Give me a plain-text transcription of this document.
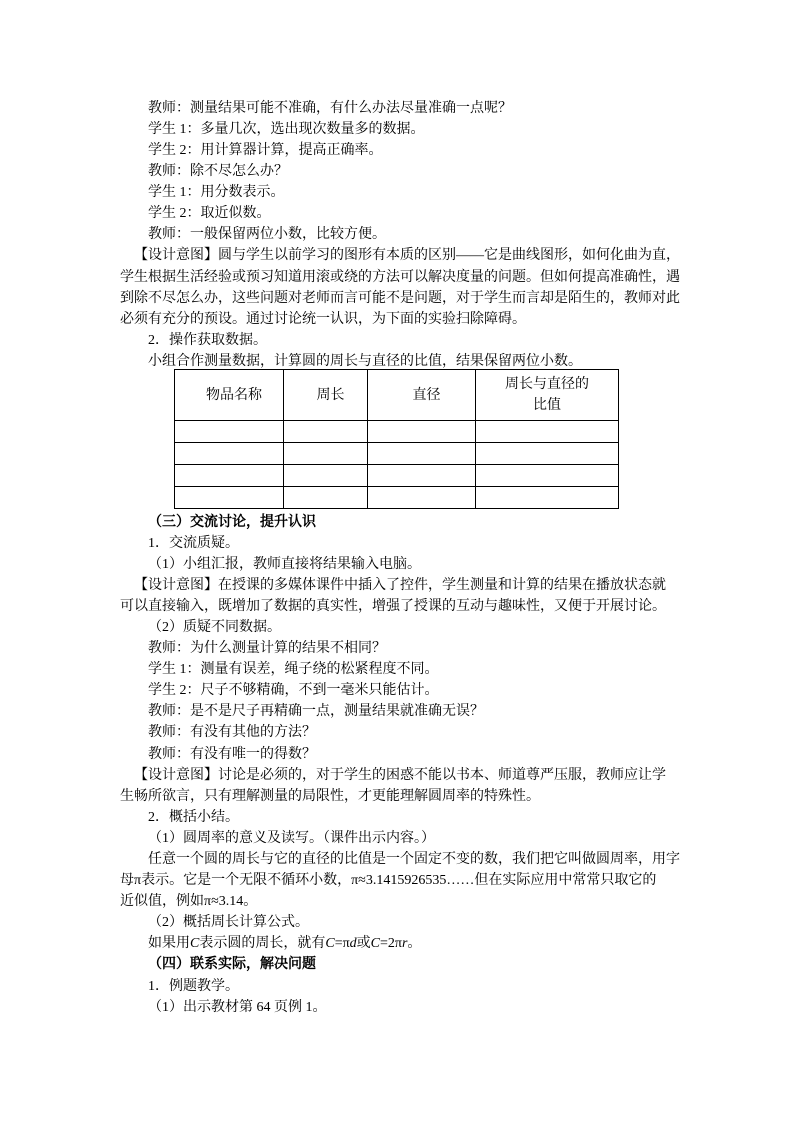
教师：测量结果可能不准确，有什么办法尽量准确一点呢？
学生 1：多量几次，选出现次数量多的数据。
学生 2：用计算器计算，提高正确率。
教师：除不尽怎么办？
学生 1：用分数表示。
学生 2：取近似数。
教师：一般保留两位小数，比较方便。
【设计意图】圆与学生以前学习的图形有本质的区别——它是曲线图形，如何化曲为直，
学生根据生活经验或预习知道用滚或绕的方法可以解决度量的问题。但如何提高准确性，遇
到除不尽怎么办，这些问题对老师而言可能不是问题，对于学生而言却是陌生的，教师对此
必须有充分的预设。通过讨论统一认识，为下面的实验扫除障碍。
2．操作获取数据。
小组合作测量数据，计算圆的周长与直径的比值，结果保留两位小数。
物品名称	周长	直径	周长与直径的比值

（三）交流讨论，提升认识
1．交流质疑。
（1）小组汇报，教师直接将结果输入电脑。
【设计意图】在授课的多媒体课件中插入了控件，学生测量和计算的结果在播放状态就
可以直接输入，既增加了数据的真实性，增强了授课的互动与趣味性，又便于开展讨论。
（2）质疑不同数据。
教师：为什么测量计算的结果不相同？
学生 1：测量有误差，绳子绕的松紧程度不同。
学生 2：尺子不够精确，不到一毫米只能估计。
教师：是不是尺子再精确一点，测量结果就准确无误？
教师：有没有其他的方法？
教师：有没有唯一的得数？
【设计意图】讨论是必须的，对于学生的困惑不能以书本、师道尊严压服，教师应让学
生畅所欲言，只有理解测量的局限性，才更能理解圆周率的特殊性。
2．概括小结。
（1）圆周率的意义及读写。（课件出示内容。）
任意一个圆的周长与它的直径的比值是一个固定不变的数，我们把它叫做圆周率，用字
母π表示。它是一个无限不循环小数，π≈3.1415926535……但在实际应用中常常只取它的
近似值，例如π≈3.14。
（2）概括周长计算公式。
如果用C表示圆的周长，就有C=πd或C=2πr。
（四）联系实际，解决问题
1．例题教学。
（1）出示教材第 64 页例 1。
